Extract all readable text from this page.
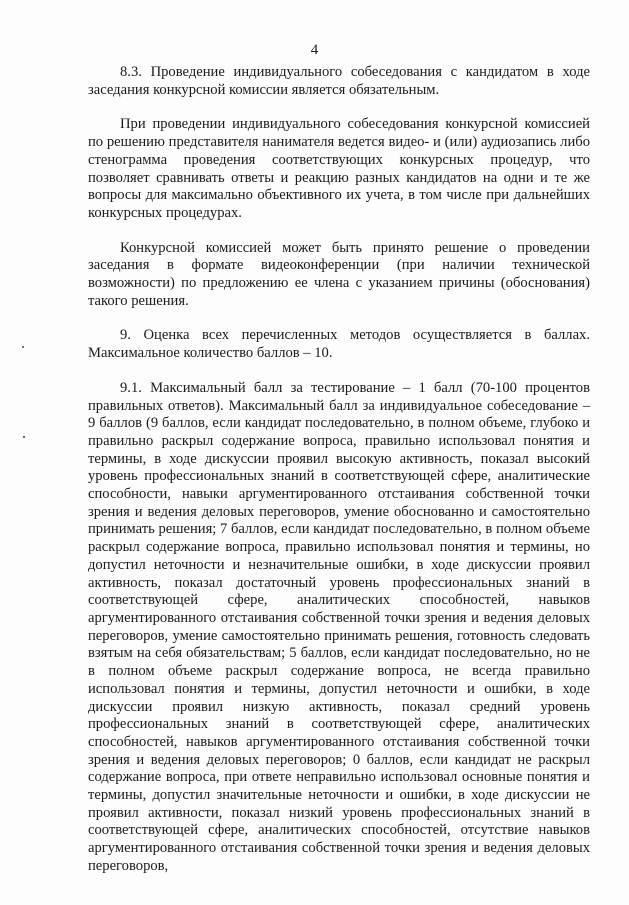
4

8.3. Проведение индивидуального собеседования с кандидатом в ходе заседания конкурсной комиссии является обязательным.

При проведении индивидуального собеседования конкурсной комиссией по решению представителя нанимателя ведется видео- и (или) аудиозапись либо стенограмма проведения соответствующих конкурсных процедур, что позволяет сравнивать ответы и реакцию разных кандидатов на одни и те же вопросы для максимально объективного их учета, в том числе при дальнейших конкурсных процедурах.

Конкурсной комиссией может быть принято решение о проведении заседания в формате видеоконференции (при наличии технической возможности) по предложению ее члена с указанием причины (обоснования) такого решения.

9. Оценка всех перечисленных методов осуществляется в баллах. Максимальное количество баллов – 10.

9.1. Максимальный балл за тестирование – 1 балл (70-100 процентов правильных ответов). Максимальный балл за индивидуальное собеседование – 9 баллов (9 баллов, если кандидат последовательно, в полном объеме, глубоко и правильно раскрыл содержание вопроса, правильно использовал понятия и термины, в ходе дискуссии проявил высокую активность, показал высокий уровень профессиональных знаний в соответствующей сфере, аналитические способности, навыки аргументированного отстаивания собственной точки зрения и ведения деловых переговоров, умение обоснованно и самостоятельно принимать решения; 7 баллов, если кандидат последовательно, в полном объеме раскрыл содержание вопроса, правильно использовал понятия и термины, но допустил неточности и незначительные ошибки, в ходе дискуссии проявил активность, показал достаточный уровень профессиональных знаний в соответствующей сфере, аналитических способностей, навыков аргументированного отстаивания собственной точки зрения и ведения деловых переговоров, умение самостоятельно принимать решения, готовность следовать взятым на себя обязательствам; 5 баллов, если кандидат последовательно, но не в полном объеме раскрыл содержание вопроса, не всегда правильно использовал понятия и термины, допустил неточности и ошибки, в ходе дискуссии проявил низкую активность, показал средний уровень профессиональных знаний в соответствующей сфере, аналитических способностей, навыков аргументированного отстаивания собственной точки зрения и ведения деловых переговоров; 0 баллов, если кандидат не раскрыл содержание вопроса, при ответе неправильно использовал основные понятия и термины, допустил значительные неточности и ошибки, в ходе дискуссии не проявил активности, показал низкий уровень профессиональных знаний в соответствующей сфере, аналитических способностей, отсутствие навыков аргументированного отстаивания собственной точки зрения и ведения деловых переговоров,
